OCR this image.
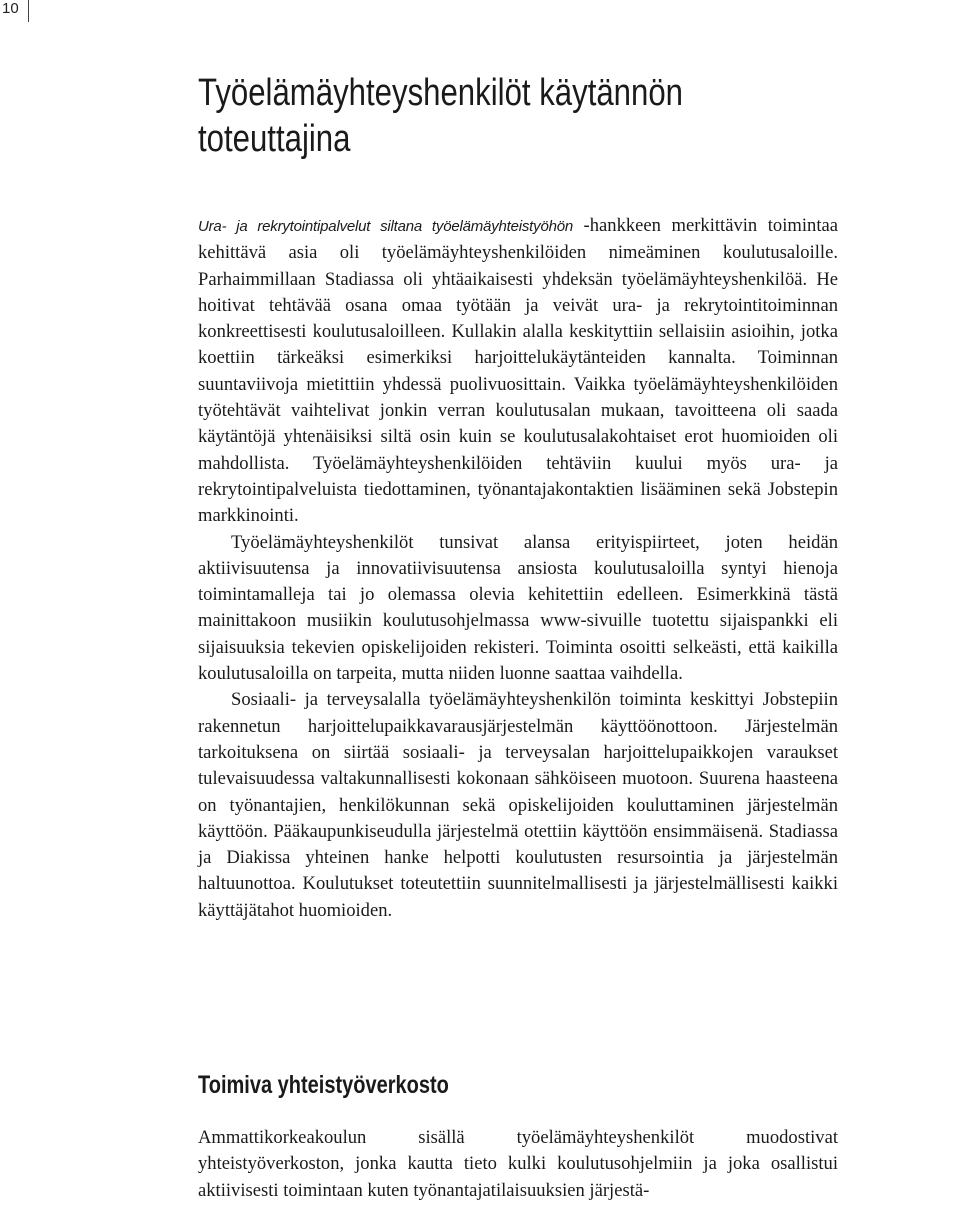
10
Työelämäyhteyshenkilöt käytännön
toteuttajina

Ura- ja rekrytointipalvelut siltana työelämäyhteistyöhön -hankkeen merkittävin toimintaa kehittävä asia oli työelämäyhteyshenkilöiden nimeäminen koulutusaloille. Parhaimmillaan Stadiassa oli yhtäaikaisesti yhdeksän työelämäyhteyshenkilöä. He hoitivat tehtävää osana omaa työtään ja veivät ura- ja rekrytointitoiminnan konkreettisesti koulutusaloilleen. Kullakin alalla keskityttiin sellaisiin asioihin, jotka koettiin tärkeäksi esimerkiksi harjoittelukäytänteiden kannalta. Toiminnan suuntaviivoja mietittiin yhdessä puolivuosittain. Vaikka työelämäyhteyshenkilöiden työtehtävät vaihtelivat jonkin verran koulutusalan mukaan, tavoitteena oli saada käytäntöjä yhtenäisiksi siltä osin kuin se koulutusalakohtaiset erot huomioiden oli mahdollista. Työelämäyhteyshenkilöiden tehtäviin kuului myös ura- ja rekrytointipalveluista tiedottaminen, työnantajakontaktien lisääminen sekä Jobstepin markkinointi.

Työelämäyhteyshenkilöt tunsivat alansa erityispiirteet, joten heidän aktiivisuutensa ja innovatiivisuutensa ansiosta koulutusaloilla syntyi hienoja toimintamalleja tai jo olemassa olevia kehitettiin edelleen. Esimerkkinä tästä mainittakoon musiikin koulutusohjelmassa www-sivuille tuotettu sijaispankki eli sijaisuuksia tekevien opiskelijoiden rekisteri. Toiminta osoitti selkeästi, että kaikilla koulutusaloilla on tarpeita, mutta niiden luonne saattaa vaihdella.

Sosiaali- ja terveysalalla työelämäyhteyshenkilön toiminta keskittyi Jobstepiin rakennetun harjoittelupaikkavarausjärjestelmän käyttöönottoon. Järjestelmän tarkoituksena on siirtää sosiaali- ja terveysalan harjoittelupaikkojen varaukset tulevaisuudessa valtakunnallisesti kokonaan sähköiseen muotoon. Suurena haasteena on työnantajien, henkilökunnan sekä opiskelijoiden kouluttaminen järjestelmän käyttöön. Pääkaupunkiseudulla järjestelmä otettiin käyttöön ensimmäisenä. Stadiassa ja Diakissa yhteinen hanke helpotti koulutusten resursointia ja järjestelmän haltuunottoa. Koulutukset toteutettiin suunnitelmallisesti ja järjestelmällisesti kaikki käyttäjätahot huomioiden.

Toimiva yhteistyöverkosto

Ammattikorkeakoulun sisällä työelämäyhteyshenkilöt muodostivat yhteistyöverkoston, jonka kautta tieto kulki koulutusohjelmiin ja joka osallistui aktiivisesti toimintaan kuten työnantajatilaisuuksien järjestä-
